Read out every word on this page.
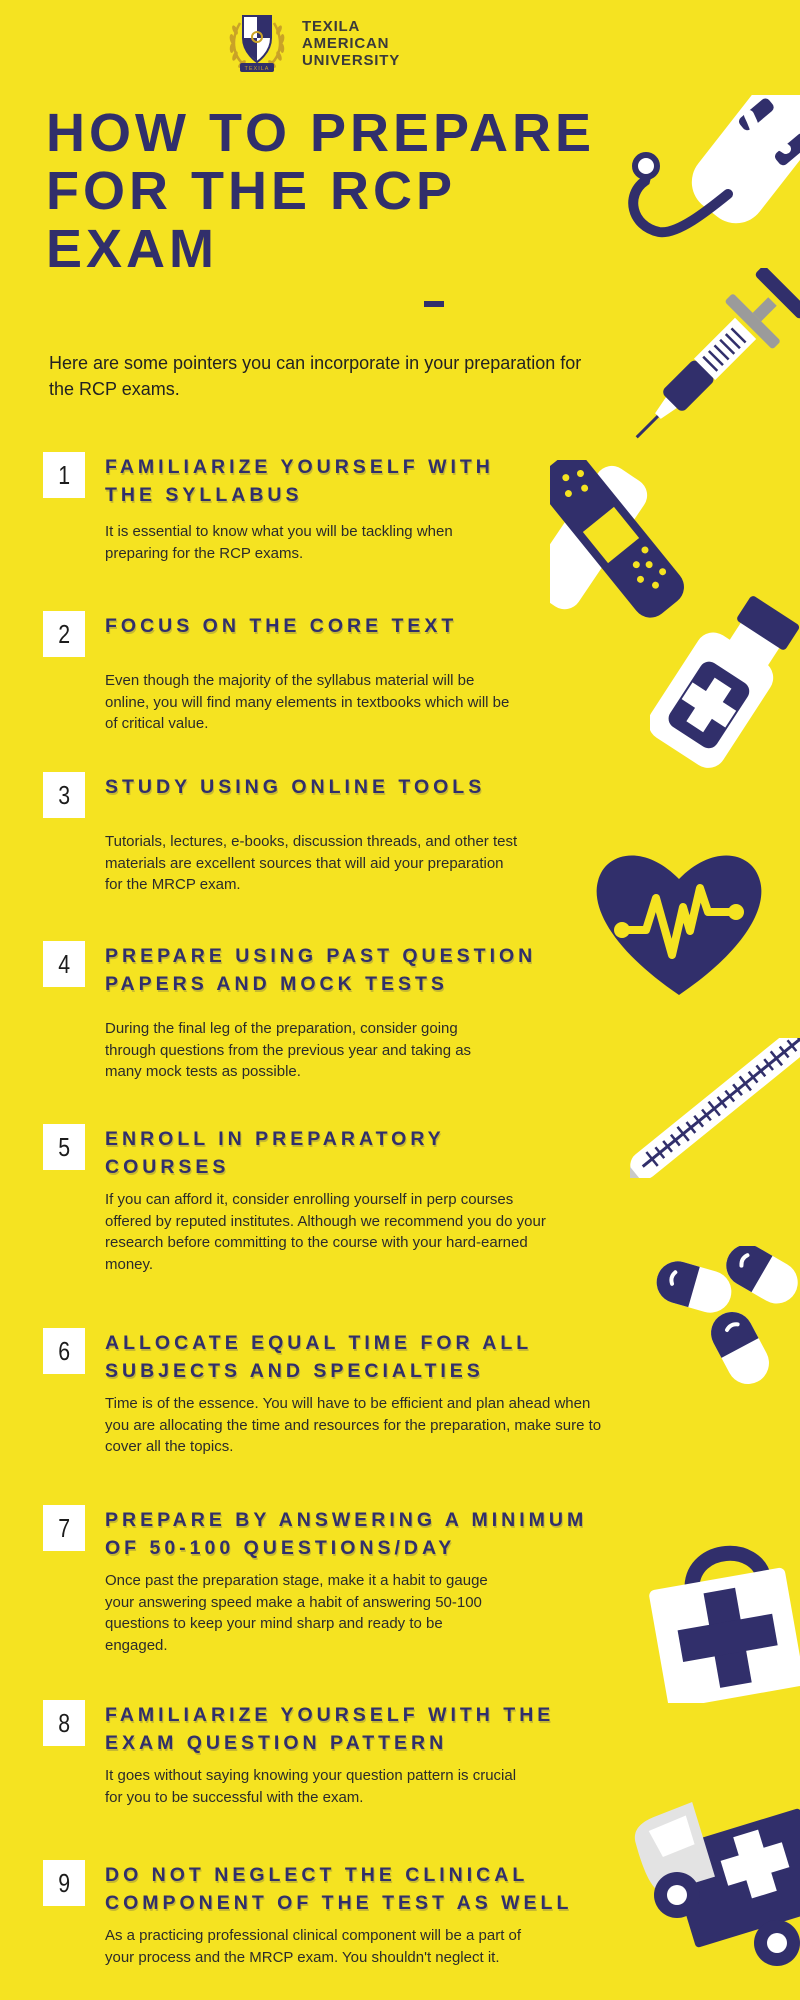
TEXILA
TEXILA
AMERICAN
UNIVERSITY
HOW TO PREPARE
FOR THE RCP
EXAM
Here are some pointers you can incorporate in your preparation for the RCP exams.
1 FAMILIARIZE YOURSELF WITH
THE SYLLABUS
It is essential to know what you will be tackling when preparing for the RCP exams.
2 FOCUS ON THE CORE TEXT
Even though the majority of the syllabus material will be online, you will find many elements in textbooks which will be of critical value.
3 STUDY USING ONLINE TOOLS
Tutorials, lectures, e-books, discussion threads, and other test materials are excellent sources that will aid your preparation for the MRCP exam.
4 PREPARE USING PAST QUESTION
PAPERS AND MOCK TESTS
During the final leg of the preparation, consider going through questions from the previous year and taking as many mock tests as possible.
5 ENROLL IN PREPARATORY
COURSES
If you can afford it, consider enrolling yourself in perp courses offered by reputed institutes. Although we recommend you do your research before committing to the course with your hard-earned money.
6 ALLOCATE EQUAL TIME FOR ALL
SUBJECTS AND SPECIALTIES
Time is of the essence. You will have to be efficient and plan ahead when you are allocating the time and resources for the preparation, make sure to cover all the topics.
7 PREPARE BY ANSWERING A MINIMUM
OF 50-100 QUESTIONS/DAY
Once past the preparation stage, make it a habit to gauge your answering speed make a habit of answering 50-100 questions to keep your mind sharp and ready to be engaged.
8 FAMILIARIZE YOURSELF WITH THE
EXAM QUESTION PATTERN
It goes without saying knowing your question pattern is crucial for you to be successful with the exam.
9 DO NOT NEGLECT THE CLINICAL
COMPONENT OF THE TEST AS WELL
As a practicing professional clinical component will be a part of your process and the MRCP exam. You shouldn't neglect it.
